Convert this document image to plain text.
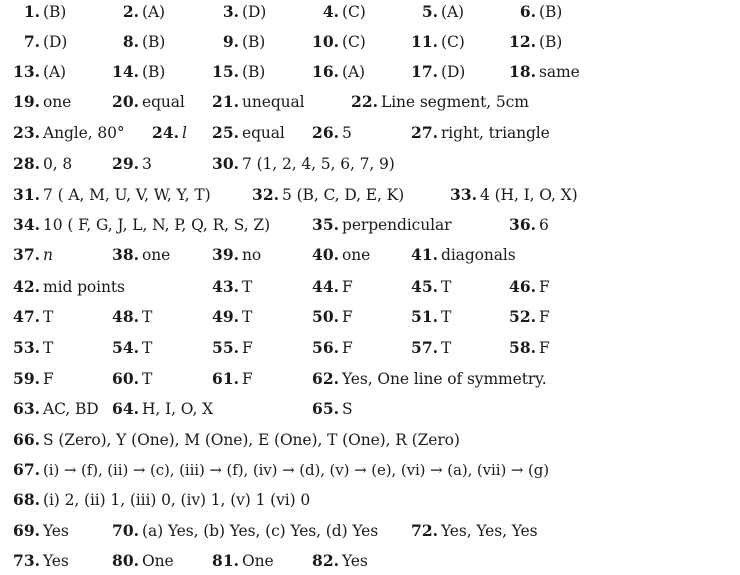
1. (B)	2. (A)	3. (D)	4. (C)	5. (A)	6. (B)
7. (D)	8. (B)	9. (B)	10. (C)	11. (C)	12. (B)
13. (A)	14. (B)	15. (B)	16. (A)	17. (D)	18. same
19. one	20. equal	21. unequal	22. Line segment, 5cm
23. Angle, 80°	24. l	25. equal	26. 5	27. right, triangle
28. 0, 8	29. 3	30. 7 (1, 2, 4, 5, 6, 7, 9)
31. 7 ( A, M, U, V, W, Y, T)	32. 5 (B, C, D, E, K)	33. 4 (H, I, O, X)
34. 10 ( F, G, J, L, N, P, Q, R, S, Z)	35. perpendicular	36. 6
37. n	38. one	39. no	40. one	41. diagonals
42. mid points	43. T	44. F	45. T	46. F
47. T	48. T	49. T	50. F	51. T	52. F
53. T	54. T	55. F	56. F	57. T	58. F
59. F	60. T	61. F	62. Yes, One line of symmetry.
63. AC, BD 64. H, I, O, X	65. S
66. S (Zero), Y (One), M (One), E (One), T (One), R (Zero)
67. (i) → (f), (ii) → (c), (iii) → (f), (iv) → (d), (v) → (e), (vi) → (a), (vii) → (g)
68. (i) 2, (ii) 1, (iii) 0, (iv) 1, (v) 1 (vi) 0
69. Yes	70. (a) Yes, (b) Yes, (c) Yes, (d) Yes	72. Yes, Yes, Yes
73. Yes	80. One	81. One	82. Yes
